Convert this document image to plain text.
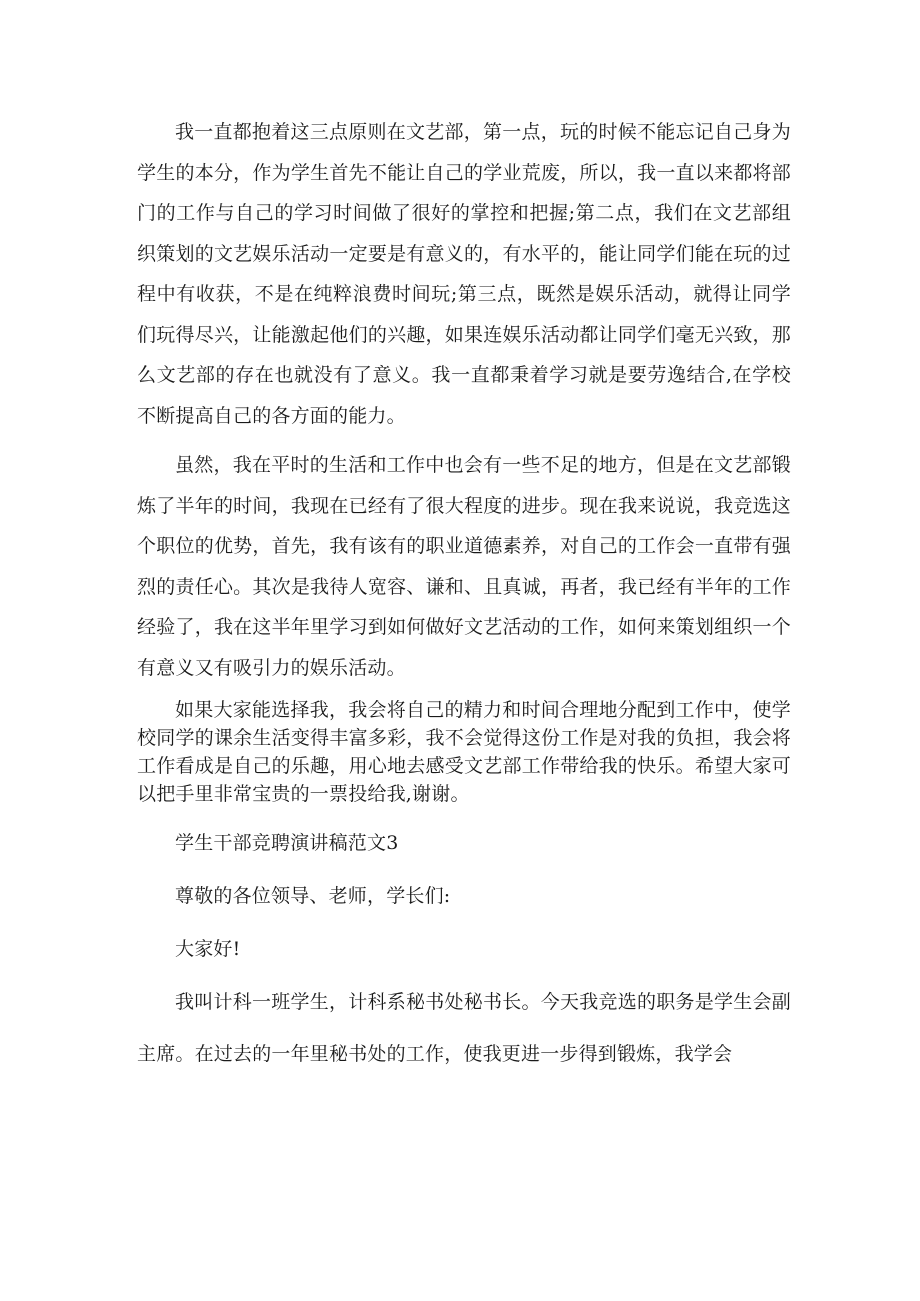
我一直都抱着这三点原则在文艺部，第一点，玩的时候不能忘记自己身为学生的本分，作为学生首先不能让自己的学业荒废，所以，我一直以来都将部门的工作与自己的学习时间做了很好的掌控和把握;第二点，我们在文艺部组织策划的文艺娱乐活动一定要是有意义的，有水平的，能让同学们能在玩的过程中有收获，不是在纯粹浪费时间玩;第三点，既然是娱乐活动，就得让同学们玩得尽兴，让能激起他们的兴趣，如果连娱乐活动都让同学们毫无兴致，那么文艺部的存在也就没有了意义。我一直都秉着学习就是要劳逸结合,在学校不断提高自己的各方面的能力。

虽然，我在平时的生活和工作中也会有一些不足的地方，但是在文艺部锻炼了半年的时间，我现在已经有了很大程度的进步。现在我来说说，我竞选这个职位的优势，首先，我有该有的职业道德素养，对自己的工作会一直带有强烈的责任心。其次是我待人宽容、谦和、且真诚，再者，我已经有半年的工作经验了，我在这半年里学习到如何做好文艺活动的工作，如何来策划组织一个有意义又有吸引力的娱乐活动。

如果大家能选择我，我会将自己的精力和时间合理地分配到工作中，使学校同学的课余生活变得丰富多彩，我不会觉得这份工作是对我的负担，我会将工作看成是自己的乐趣，用心地去感受文艺部工作带给我的快乐。希望大家可以把手里非常宝贵的一票投给我,谢谢。

学生干部竞聘演讲稿范文3

尊敬的各位领导、老师，学长们:

大家好!

我叫计科一班学生，计科系秘书处秘书长。今天我竞选的职务是学生会副主席。在过去的一年里秘书处的工作，使我更进一步得到锻炼，我学会
